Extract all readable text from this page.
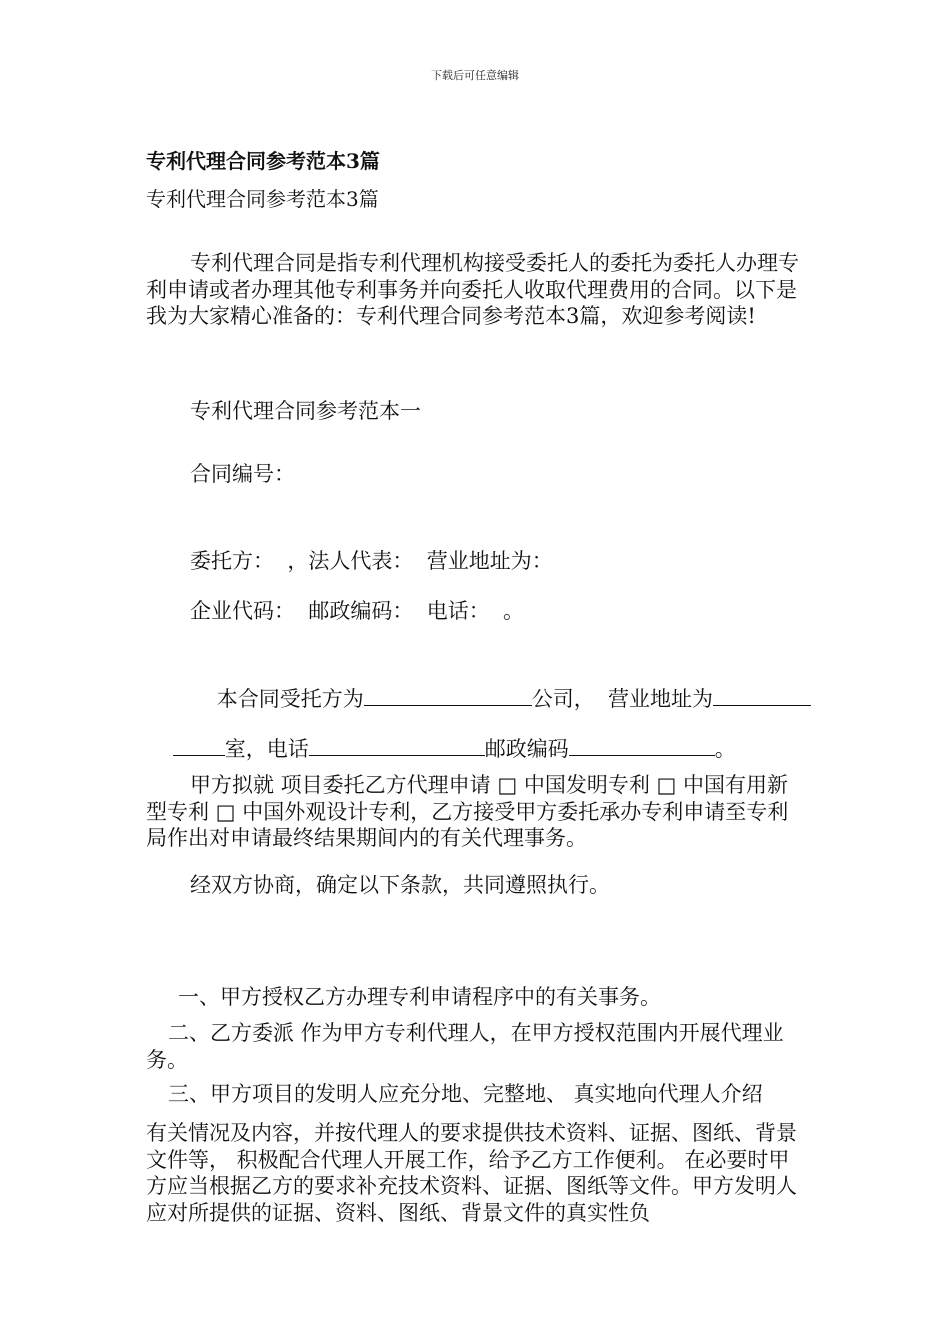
下载后可任意编辑
专利代理合同参考范本3篇
专利代理合同参考范本3篇
专利代理合同是指专利代理机构接受委托人的委托为委托人办理专利申请或者办理其他专利事务并向委托人收取代理费用的合同。以下是我为大家精心准备的：专利代理合同参考范本3篇，欢迎参考阅读!
专利代理合同参考范本一
合同编号：
委托方：  ，法人代表：  营业地址为：
企业代码：  邮政编码：  电话：  。

本合同受托方为	公司，  营业地址为

室，电话	邮政编码	。

甲方拟就 项目委托乙方代理申请 □ 中国发明专利 □ 中国有用新型专利 □ 中国外观设计专利，乙方接受甲方委托承办专利申请至专利局作出对申请最终结果期间内的有关代理事务。
经双方协商，确定以下条款，共同遵照执行。
一、甲方授权乙方办理专利申请程序中的有关事务。
二、乙方委派 作为甲方专利代理人，在甲方授权范围内开展代理业务。
三、甲方项目的发明人应充分地、完整地、 真实地向代理人介绍
有关情况及内容，并按代理人的要求提供技术资料、证据、图纸、背景文件等， 积极配合代理人开展工作，给予乙方工作便利。 在必要时甲方应当根据乙方的要求补充技术资料、证据、图纸等文件。甲方发明人应对所提供的证据、资料、图纸、背景文件的真实性负
